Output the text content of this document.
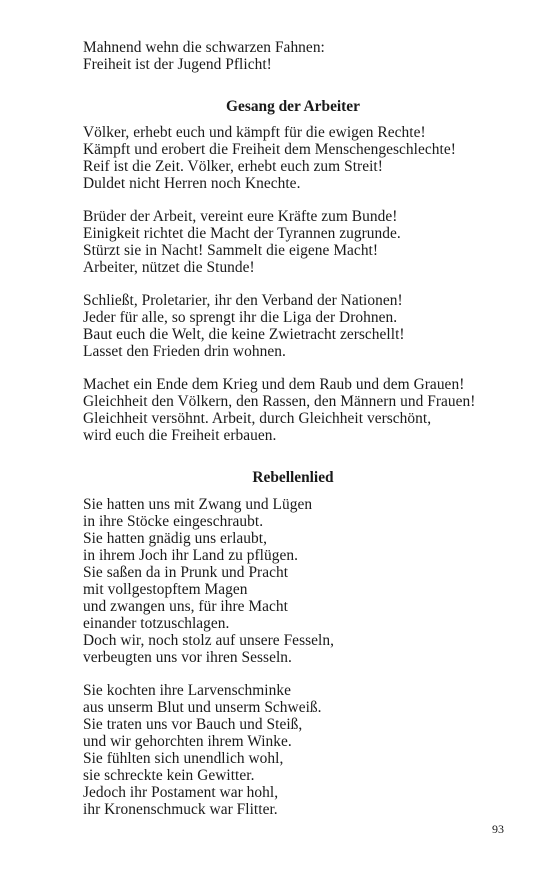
Mahnend wehn die schwarzen Fahnen:
Freiheit ist der Jugend Pflicht!
Gesang der Arbeiter
Völker, erhebt euch und kämpft für die ewigen Rechte!
Kämpft und erobert die Freiheit dem Menschengeschlechte!
Reif ist die Zeit. Völker, erhebt euch zum Streit!
Duldet nicht Herren noch Knechte.
Brüder der Arbeit, vereint eure Kräfte zum Bunde!
Einigkeit richtet die Macht der Tyrannen zugrunde.
Stürzt sie in Nacht! Sammelt die eigene Macht!
Arbeiter, nützet die Stunde!
Schließt, Proletarier, ihr den Verband der Nationen!
Jeder für alle, so sprengt ihr die Liga der Drohnen.
Baut euch die Welt, die keine Zwietracht zerschellt!
Lasset den Frieden drin wohnen.
Machet ein Ende dem Krieg und dem Raub und dem Grauen!
Gleichheit den Völkern, den Rassen, den Männern und Frauen!
Gleichheit versöhnt. Arbeit, durch Gleichheit verschönt,
wird euch die Freiheit erbauen.
Rebellenlied
Sie hatten uns mit Zwang und Lügen
in ihre Stöcke eingeschraubt.
Sie hatten gnädig uns erlaubt,
in ihrem Joch ihr Land zu pflügen.
Sie saßen da in Prunk und Pracht
mit vollgestopftem Magen
und zwangen uns, für ihre Macht
einander totzuschlagen.
Doch wir, noch stolz auf unsere Fesseln,
verbeugten uns vor ihren Sesseln.
Sie kochten ihre Larvenschminke
aus unserm Blut und unserm Schweiß.
Sie traten uns vor Bauch und Steiß,
und wir gehorchten ihrem Winke.
Sie fühlten sich unendlich wohl,
sie schreckte kein Gewitter.
Jedoch ihr Postament war hohl,
ihr Kronenschmuck war Flitter.
93
